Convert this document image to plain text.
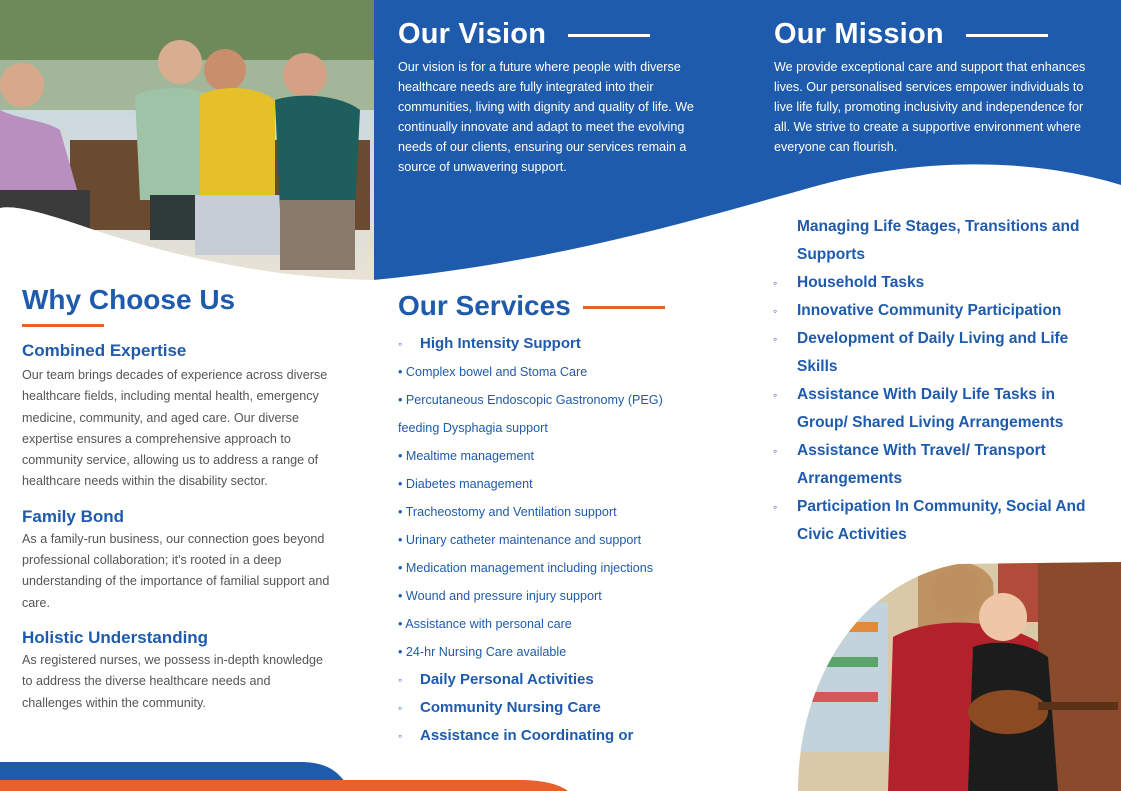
Our Vision

Our vision is for a future where people with diverse healthcare needs are fully integrated into their communities, living with dignity and quality of life. We continually innovate and adapt to meet the evolving needs of our clients, ensuring our services remain a source of unwavering support.

Our Mission

We provide exceptional care and support that enhances lives. Our personalised services empower individuals to live life fully, promoting inclusivity and independence for all. We strive to create a supportive environment where everyone can flourish.

Why Choose Us
Combined Expertise

Our team brings decades of experience across diverse healthcare fields, including mental health, emergency medicine, community, and aged care. Our diverse expertise ensures a comprehensive approach to community service, allowing us to address a range of healthcare needs within the disability sector.

Family Bond

As a family-run business, our connection goes beyond professional collaboration; it's rooted in a deep understanding of the importance of familial support and care.

Holistic Understanding

As registered nurses, we possess in-depth knowledge to address the diverse healthcare needs and challenges within the community.

Our Services
◦ High Intensity Support
• Complex bowel and Stoma Care
• Percutaneous Endoscopic Gastronomy (PEG)
feeding Dysphagia support
• Mealtime management
• Diabetes management
• Tracheostomy and Ventilation support
• Urinary catheter maintenance and support
• Medication management including injections
• Wound and pressure injury support
• Assistance with personal care
• 24-hr Nursing Care available
◦ Daily Personal Activities
◦ Community Nursing Care
◦ Assistance in Coordinating or
Managing Life Stages, Transitions and Supports
◦ Household Tasks
◦ Innovative Community Participation
◦ Development of Daily Living and Life Skills
◦ Assistance With Daily Life Tasks in Group/ Shared Living Arrangements
◦ Assistance With Travel/ Transport Arrangements
◦ Participation In Community, Social And Civic Activities
